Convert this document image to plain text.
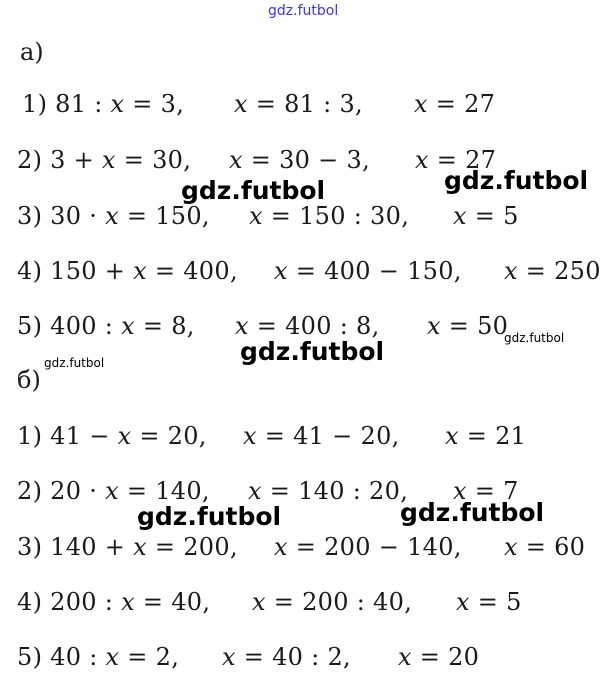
gdz.futbol
а)
1) 81 : 𝑥 = 3, 𝑥 = 81 : 3, 𝑥 = 27
2) 3 + 𝑥 = 30, 𝑥 = 30 − 3, 𝑥 = 27
3) 30 · 𝑥 = 150, 𝑥 = 150 : 30, 𝑥 = 5
4) 150 + 𝑥 = 400, 𝑥 = 400 − 150, 𝑥 = 250
5) 400 : 𝑥 = 8, 𝑥 = 400 : 8, 𝑥 = 50
б)
1) 41 − 𝑥 = 20, 𝑥 = 41 − 20, 𝑥 = 21
2) 20 · 𝑥 = 140, 𝑥 = 140 : 20, 𝑥 = 7
3) 140 + 𝑥 = 200, 𝑥 = 200 − 140, 𝑥 = 60
4) 200 : 𝑥 = 40, 𝑥 = 200 : 40, 𝑥 = 5
5) 40 : 𝑥 = 2, 𝑥 = 40 : 2, 𝑥 = 20
gdz.futbol	gdz.futbol
gdz.futbol	gdz.futbol
gdz.futbol
gdz.futbol	gdz.futbol
